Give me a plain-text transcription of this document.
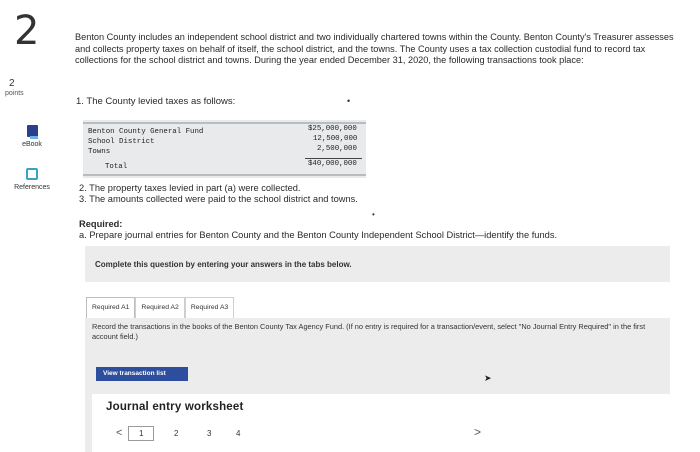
2
2
points
eBook
References
Benton County includes an independent school district and two individually chartered towns within the County. Benton County's Treasurer assesses and collects property taxes on behalf of itself, the school district, and the towns. The County uses a tax collection custodial fund to record tax collections for the school district and towns. During the year ended December 31, 2020, the following transactions took place:
1. The County levied taxes as follows:	•
Benton County General Fund	$25,000,000
School District	12,500,000
Towns	2,500,000
Total	$40,000,000
2. The property taxes levied in part (a) were collected.
3. The amounts collected were paid to the school district and towns.
•
Required:
a. Prepare journal entries for Benton County and the Benton County Independent School District—identify the funds.
Complete this question by entering your answers in the tabs below.
Required A1	Required A2	Required A3
Record the transactions in the books of the Benton County Tax Agency Fund. (If no entry is required for a transaction/event, select "No Journal Entry Required" in the first account field.)
View transaction list	➤
Journal entry worksheet
< 1	2	3	4	>
